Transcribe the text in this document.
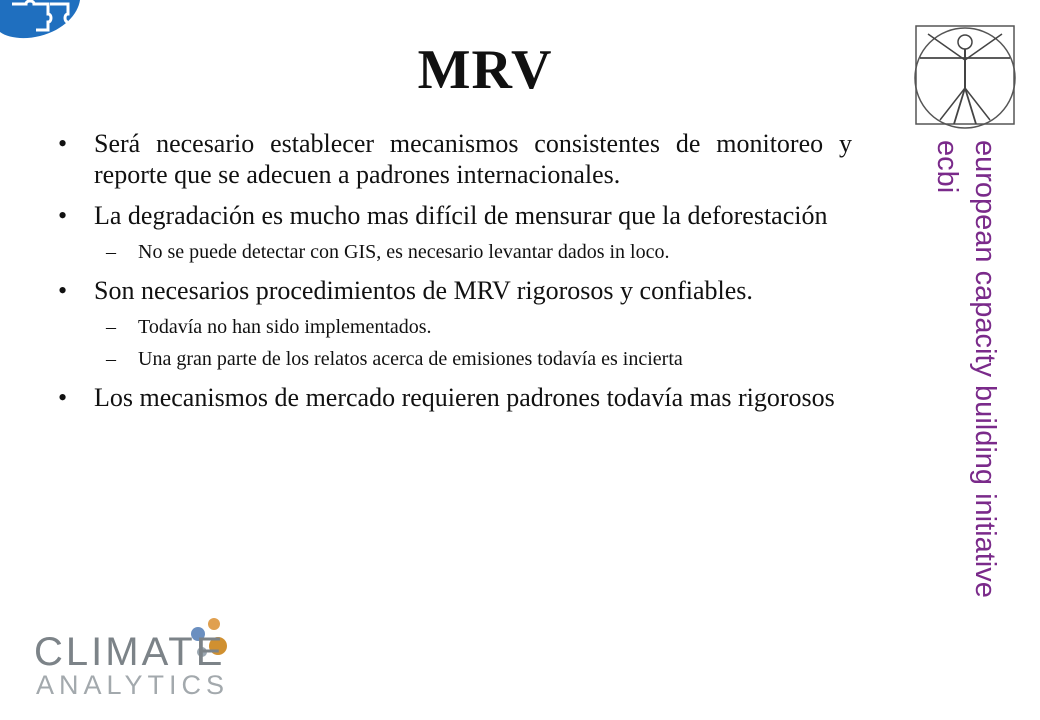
MRV
european capacity building initiative
ecbi
• Será necesario establecer mecanismos consistentes de monitoreo y reporte que se adecuen a padrones internacionales.
• La degradación es mucho mas difícil de mensurar que la deforestación
– No se puede detectar con GIS, es necesario levantar dados in loco.
• Son necesarios procedimientos de MRV rigorosos y confiables.
– Todavía no han sido implementados.
– Una gran parte de los relatos acerca de emisiones todavía es incierta
• Los mecanismos de mercado requieren padrones todavía mas rigorosos
CLIMATE
ANALYTICS
